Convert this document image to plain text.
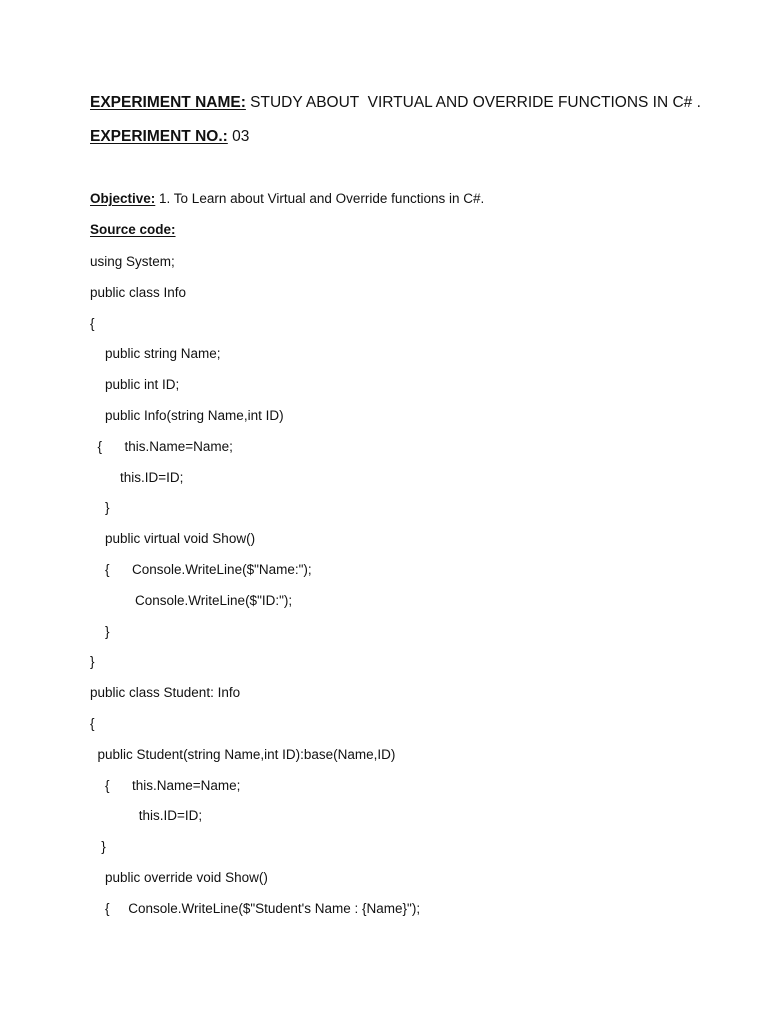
EXPERIMENT NAME: STUDY ABOUT  VIRTUAL AND OVERRIDE FUNCTIONS IN C# .

EXPERIMENT NO.: 03

Objective: 1. To Learn about Virtual and Override functions in C#.

Source code:

using System;
public class Info
{
public string Name;
public int ID;
public Info(string Name,int ID)
{      this.Name=Name;
this.ID=ID;
}
public virtual void Show()
{      Console.WriteLine($"Name:");
Console.WriteLine($"ID:");
}
}
public class Student: Info
{
public Student(string Name,int ID):base(Name,ID)
{      this.Name=Name;
this.ID=ID;
}
public override void Show()
{     Console.WriteLine($"Student's Name : {Name}");
